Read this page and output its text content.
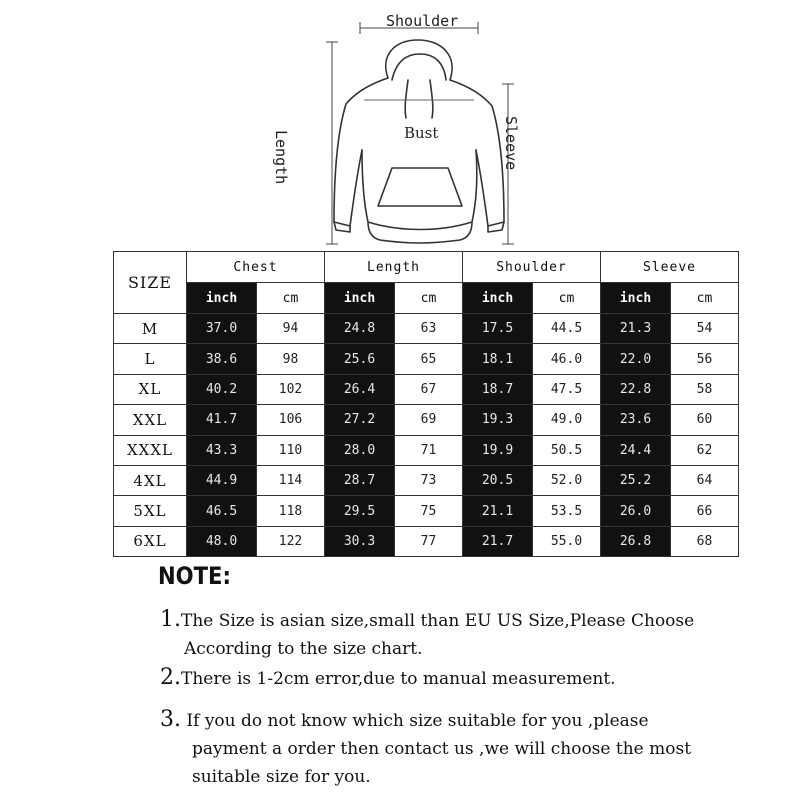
Shoulder
Bust
Length	Sleeve
SIZE	Chest		Length		Shoulder		Sleeve	
	inch	cm	inch	cm	inch	cm	inch	cm
M	37.0	94	24.8	63	17.5	44.5	21.3	54
L	38.6	98	25.6	65	18.1	46.0	22.0	56
XL	40.2	102	26.4	67	18.7	47.5	22.8	58
XXL	41.7	106	27.2	69	19.3	49.0	23.6	60
XXXL	43.3	110	28.0	71	19.9	50.5	24.4	62
4XL	44.9	114	28.7	73	20.5	52.0	25.2	64
5XL	46.5	118	29.5	75	21.1	53.5	26.0	66
6XL	48.0	122	30.3	77	21.7	55.0	26.8	68
NOTE:
1.The Size is asian size,small than EU US Size,Please Choose
According to the size chart.
2.There is 1-2cm error,due to manual measurement.
3. If you do not know which size suitable for you ,please
payment a order then contact us ,we will choose the most
suitable size for you.
